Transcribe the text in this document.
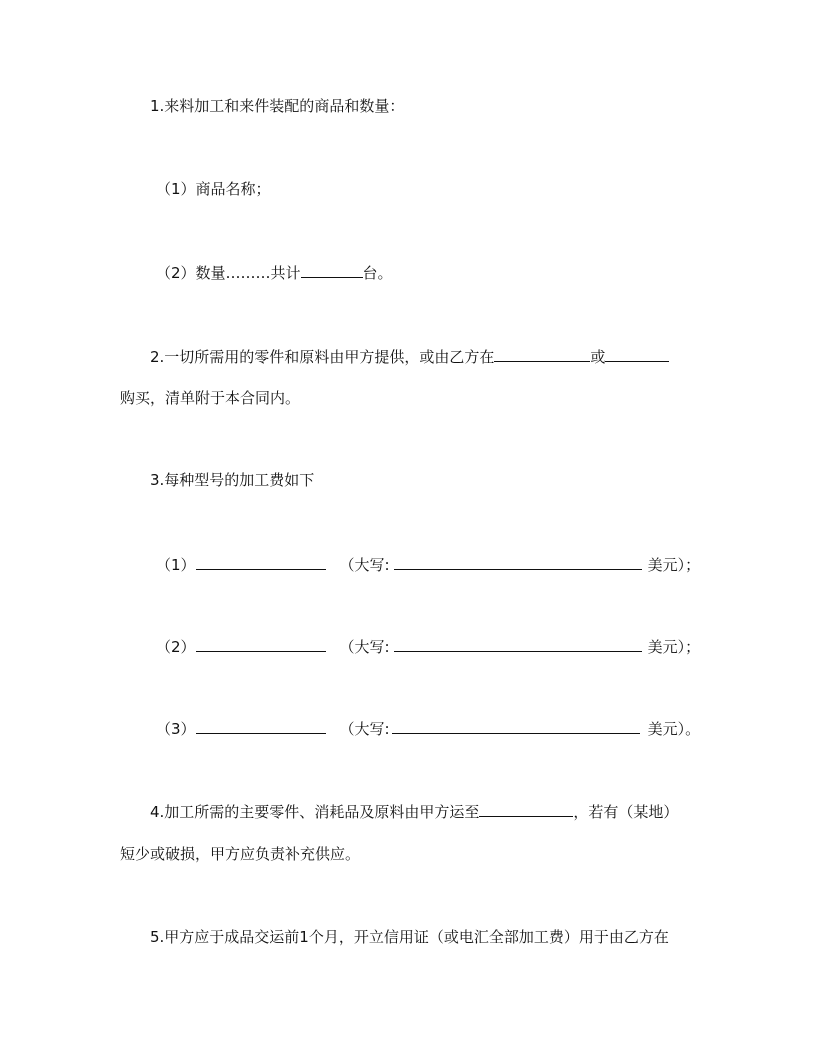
1.来料加工和来件装配的商品和数量：
（1）商品名称；
（2）数量………共计	台。
2.一切所需用的零件和原料由甲方提供，或由乙方在	或
购买，清单附于本合同内。
3.每种型号的加工费如下
（1）	（大写:	美元）；
（2）	（大写:	美元）；
（3）	（大写:	美元）。
4.加工所需的主要零件、消耗品及原料由甲方运至	，若有（某地）
短少或破损，甲方应负责补充供应。
5.甲方应于成品交运前1个月，开立信用证（或电汇全部加工费）用于由乙方在
